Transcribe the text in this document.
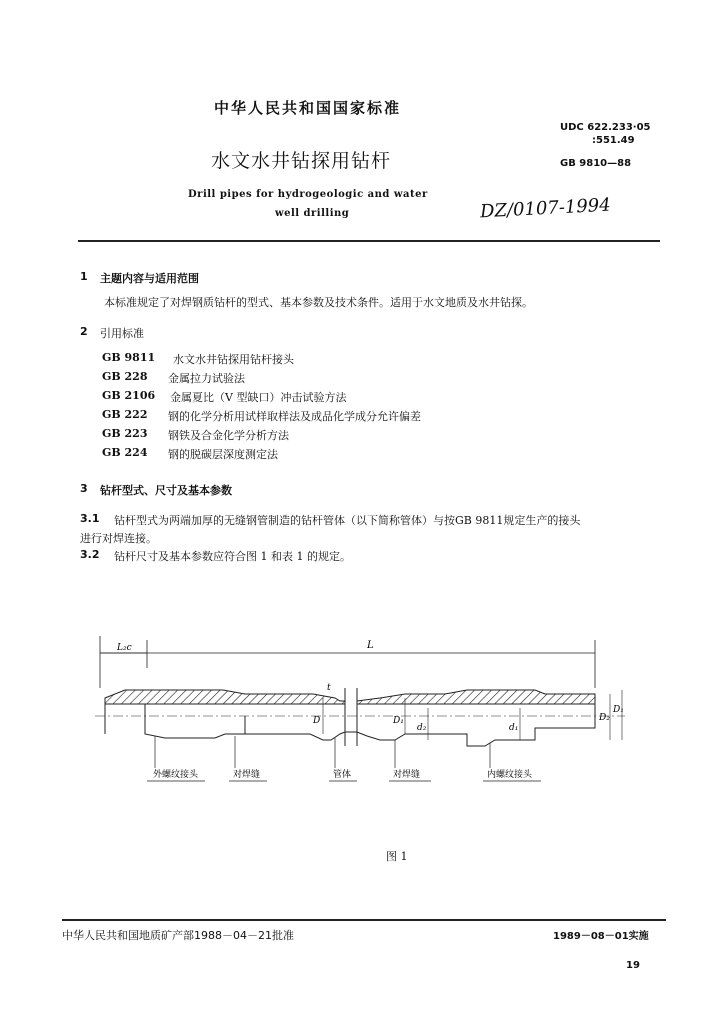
中华人民共和国国家标准
UDC 622.233·05
:551.49
水文水井钻探用钻杆	GB 9810—88
Drill pipes for hydrogeologic and water
well drilling	DZ/0107-1994
1 主题内容与适用范围
本标准规定了对焊钢质钻杆的型式、基本参数及技术条件。适用于水文地质及水井钻探。
2 引用标准
GB 9811 水文水井钻探用钻杆接头
GB 228 金属拉力试验法
GB 2106 金属夏比（V 型缺口）冲击试验方法
GB 222 钢的化学分析用试样取样法及成品化学成分允许偏差
GB 223 钢铁及合金化学分析方法
GB 224 钢的脱碳层深度测定法
3 钻杆型式、尺寸及基本参数
3.1 钻杆型式为两端加厚的无缝钢管制造的钻杆管体（以下简称管体）与按GB 9811规定生产的接头
进行对焊连接。
3.2 钻杆尺寸及基本参数应符合图 1 和表 1 的规定。
L₂c	L
t
D	D₁
d₂	d₁
D₂
D₁
外螺纹接头	对焊缝	管体	对焊缝	内螺纹接头
图 1
中华人民共和国地质矿产部1988－04－21批准	1989－08－01实施
19
